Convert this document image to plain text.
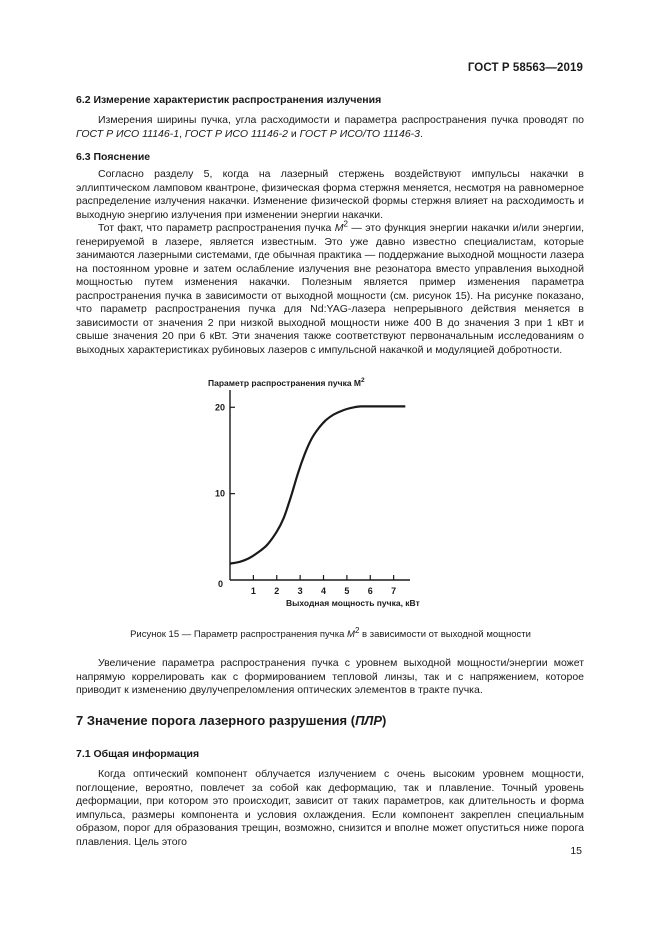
ГОСТ Р 58563—2019
6.2 Измерение характеристик распространения излучения

Измерения ширины пучка, угла расходимости и параметра распространения пучка проводят по ГОСТ Р ИСО 11146-1, ГОСТ Р ИСО 11146-2 и ГОСТ Р ИСО/ТО 11146-3.

6.3 Пояснение

Согласно разделу 5, когда на лазерный стержень воздействуют импульсы накачки в эллиптическом ламповом квантроне, физическая форма стержня меняется, несмотря на равномерное распределение излучения накачки. Изменение физической формы стержня влияет на расходимость и выходную энергию излучения при изменении энергии накачки.

Тот факт, что параметр распространения пучка $M^2$ — это функция энергии накачки и/или энергии, генерируемой в лазере, является известным. Это уже давно известно специалистам, которые занимаются лазерными системами, где обычная практика — поддержание выходной мощности лазера на постоянном уровне и затем ослабление излучения вне резонатора вместо управления выходной мощностью путем изменения накачки. Полезным является пример изменения параметра распространения пучка в зависимости от выходной мощности (см. рисунок 15). На рисунке показано, что параметр распространения пучка для Nd:YAG-лазера непрерывного действия меняется в зависимости от значения 2 при низкой выходной мощности ниже 400 В до значения 3 при 1 кВт и свыше значения 20 при 6 кВт. Эти значения также соответствуют первоначальным исследованиям о выходных характеристиках рубиновых лазеров с импульсной накачкой и модуляцией добротности.

Параметр распространения пучка $M^2$
10
20
1 2 3 4 5 6 7
0
Выходная мощность пучка, кВт
Рисунок 15 — Параметр распространения пучка $M^2$ в зависимости от выходной мощности

Увеличение параметра распространения пучка с уровнем выходной мощности/энергии может напрямую коррелировать как с формированием тепловой линзы, так и с напряжением, которое приводит к изменению двулучепреломления оптических элементов в тракте пучка.

7 Значение порога лазерного разрушения (ПЛР)
7.1 Общая информация

Когда оптический компонент облучается излучением с очень высоким уровнем мощности, поглощение, вероятно, повлечет за собой как деформацию, так и плавление. Точный уровень деформации, при котором это происходит, зависит от таких параметров, как длительность и форма импульса, размеры компонента и условия охлаждения. Если компонент закреплен специальным образом, порог для образования трещин, возможно, снизится и вполне может опуститься ниже порога плавления. Цель этого

15
